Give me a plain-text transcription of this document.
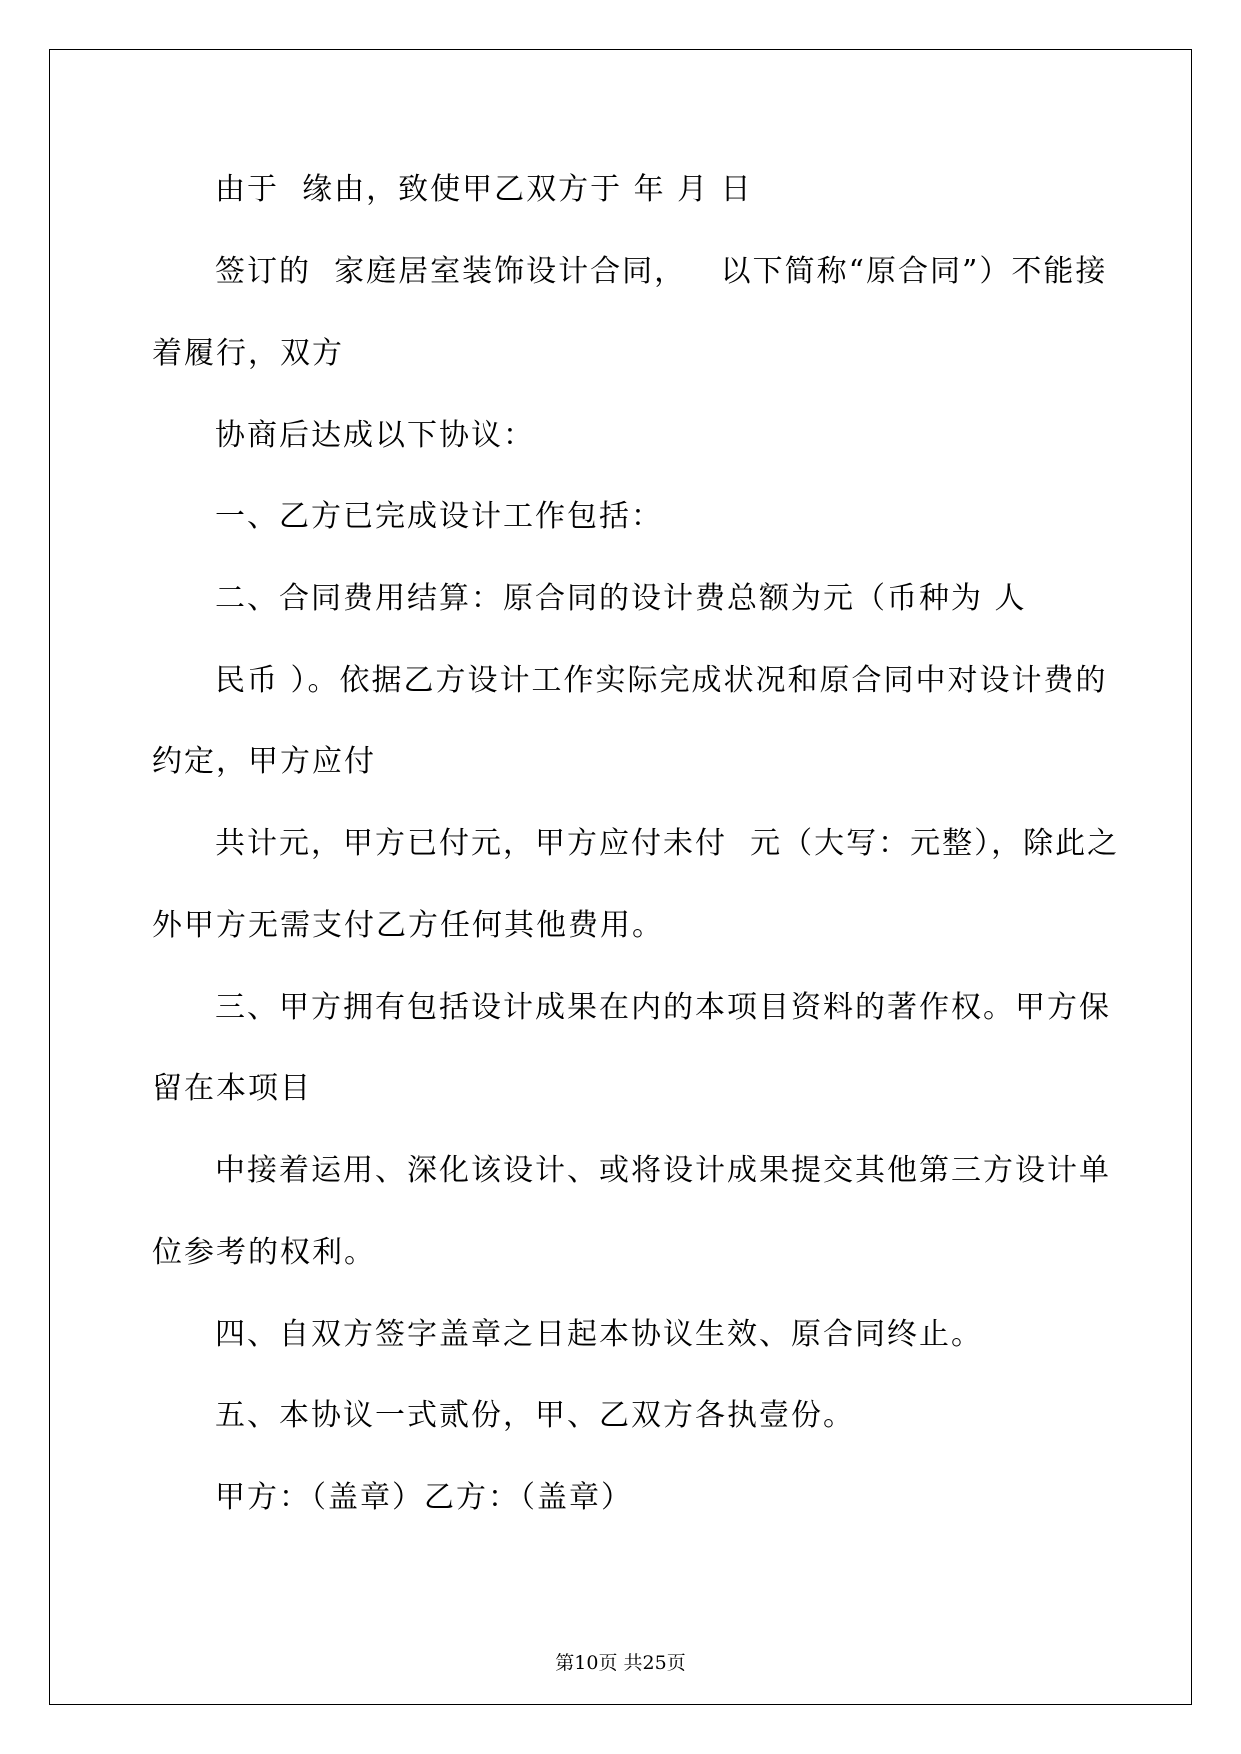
由于  缘由，致使甲乙双方于 年 月 日
签订的  家庭居室装饰设计合同，   以下简称“原合同”）不能接
着履行，双方
协商后达成以下协议：
一、乙方已完成设计工作包括：
二、合同费用结算：原合同的设计费总额为元（币种为 人
民币 ）。依据乙方设计工作实际完成状况和原合同中对设计费的
约定，甲方应付
共计元，甲方已付元，甲方应付未付  元（大写：元整），除此之
外甲方无需支付乙方任何其他费用。
三、甲方拥有包括设计成果在内的本项目资料的著作权。甲方保
留在本项目
中接着运用、深化该设计、或将设计成果提交其他第三方设计单
位参考的权利。
四、自双方签字盖章之日起本协议生效、原合同终止。
五、本协议一式贰份，甲、乙双方各执壹份。
甲方：（盖章）乙方：（盖章）
第10页 共25页
